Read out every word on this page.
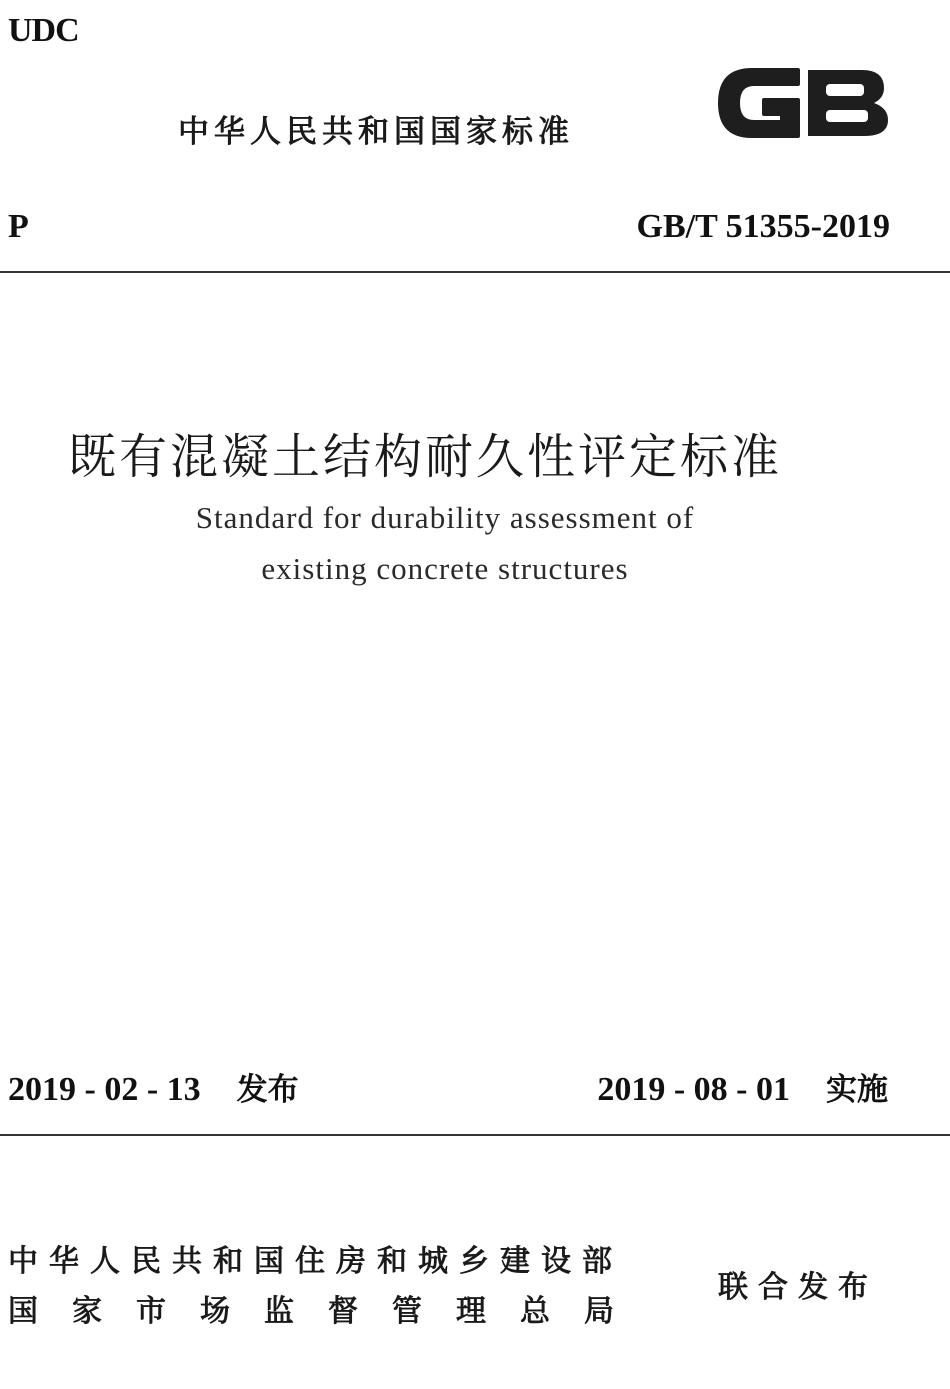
UDC
中华人民共和国国家标准
P	GB/T 51355-2019
既有混凝土结构耐久性评定标准
Standard for durability assessment of
existing concrete structures
2019 - 02 - 13 发布	2019 - 08 - 01 实施
中华人民共和国住房和城乡建设部
国家市场监督管理总局
联合发布
